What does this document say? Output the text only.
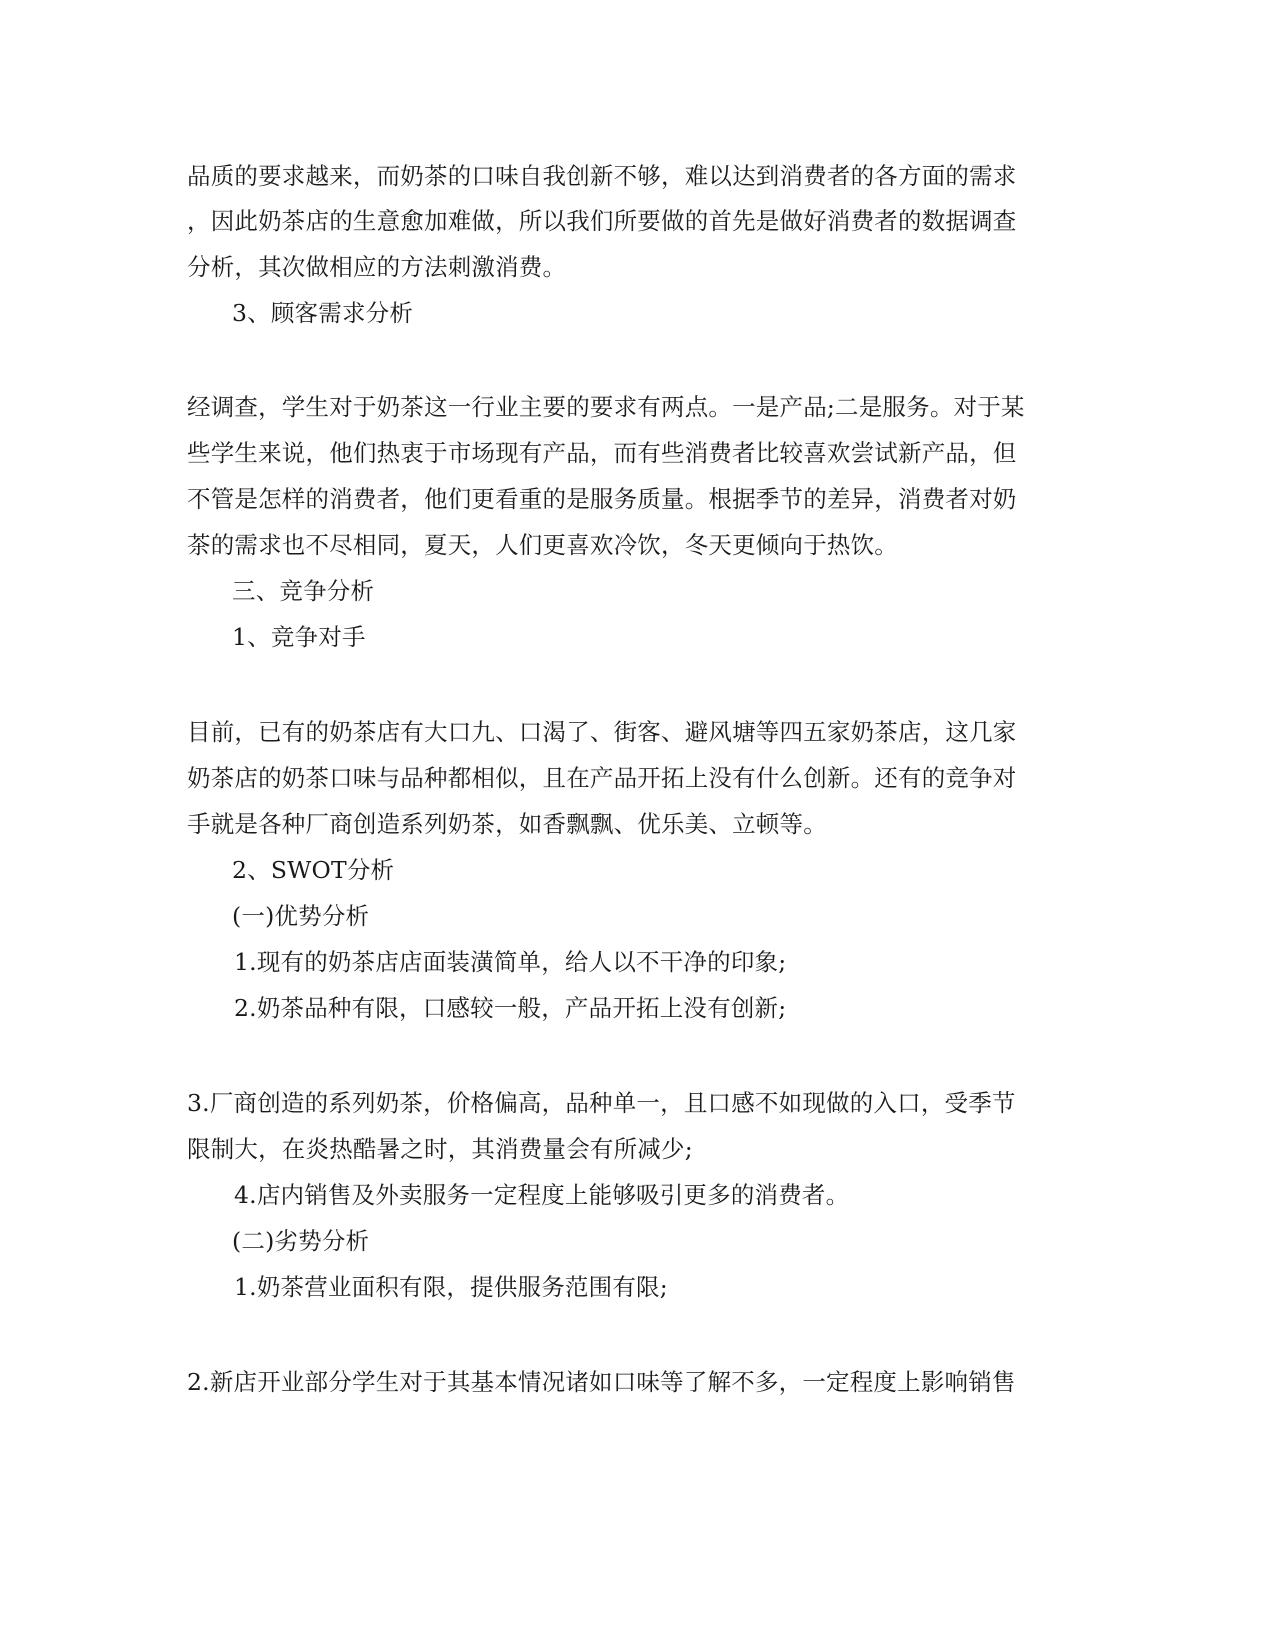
品质的要求越来，而奶茶的口味自我创新不够，难以达到消费者的各方面的需求
，因此奶茶店的生意愈加难做，所以我们所要做的首先是做好消费者的数据调查
分析，其次做相应的方法刺激消费。
3、顾客需求分析
经调查，学生对于奶茶这一行业主要的要求有两点。一是产品;二是服务。对于某
些学生来说，他们热衷于市场现有产品，而有些消费者比较喜欢尝试新产品，但
不管是怎样的消费者，他们更看重的是服务质量。根据季节的差异，消费者对奶
茶的需求也不尽相同，夏天，人们更喜欢冷饮，冬天更倾向于热饮。
三、竞争分析
1、竞争对手
目前，已有的奶茶店有大口九、口渴了、街客、避风塘等四五家奶茶店，这几家
奶茶店的奶茶口味与品种都相似，且在产品开拓上没有什么创新。还有的竞争对
手就是各种厂商创造系列奶茶，如香飘飘、优乐美、立顿等。
2、SWOT分析
(一)优势分析
1.现有的奶茶店店面装潢简单，给人以不干净的印象;
2.奶茶品种有限，口感较一般，产品开拓上没有创新;
3.厂商创造的系列奶茶，价格偏高，品种单一，且口感不如现做的入口，受季节
限制大，在炎热酷暑之时，其消费量会有所减少;
4.店内销售及外卖服务一定程度上能够吸引更多的消费者。
(二)劣势分析
1.奶茶营业面积有限，提供服务范围有限;
2.新店开业部分学生对于其基本情况诸如口味等了解不多，一定程度上影响销售
